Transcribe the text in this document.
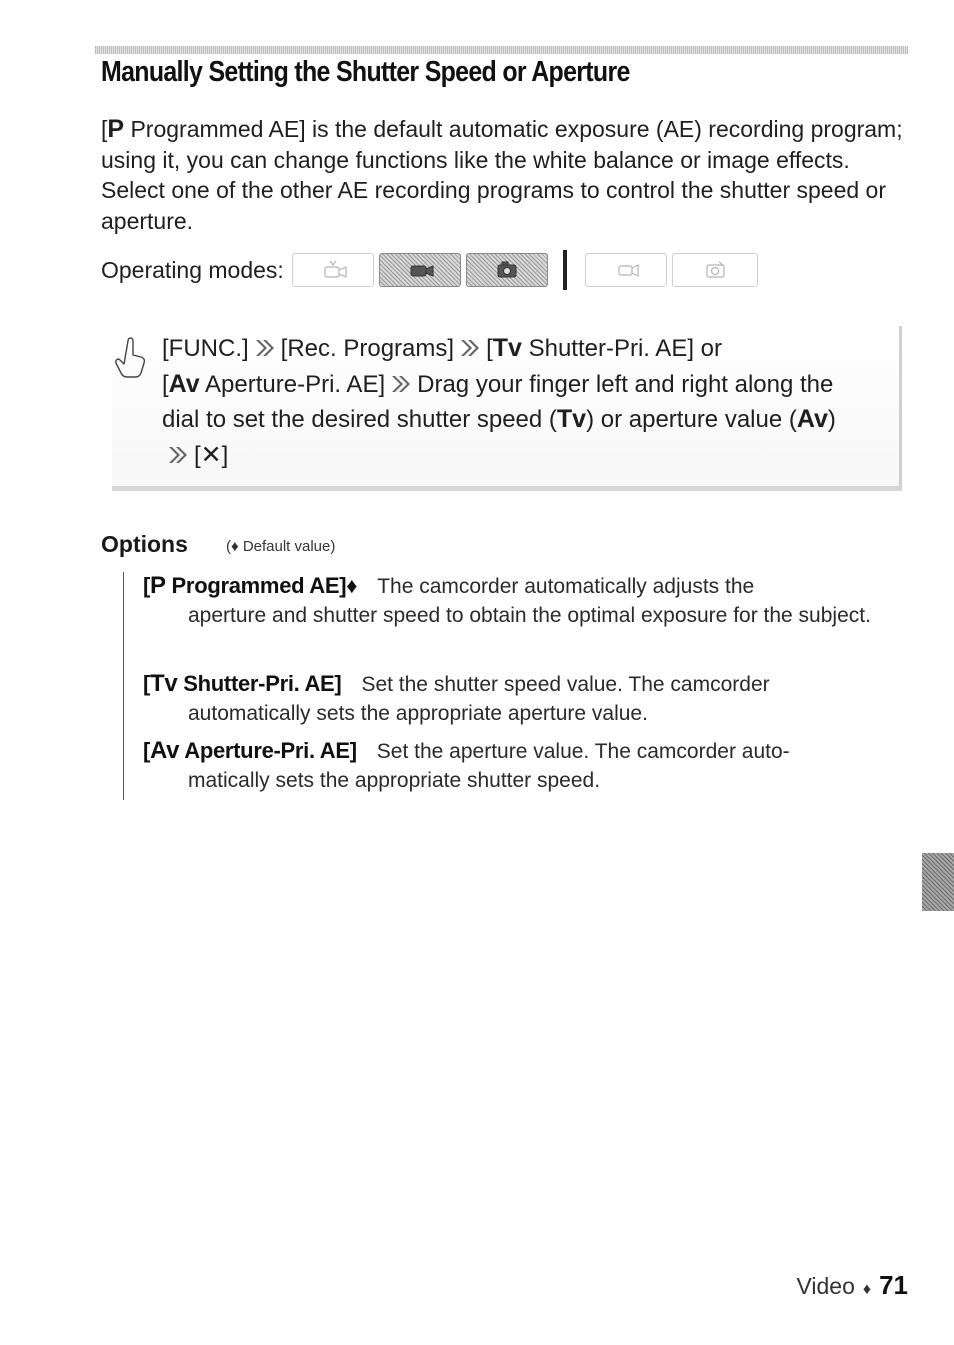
Manually Setting the Shutter Speed or Aperture

[P Programmed AE] is the default automatic exposure (AE) recording program; using it, you can change functions like the white balance or image effects. Select one of the other AE recording programs to control the shutter speed or aperture.

Operating modes:

[FUNC.] [Rec. Programs] [Tv Shutter-Pri. AE] or
[Av Aperture-Pri. AE] Drag your finger left and right along the dial to set the desired shutter speed (Tv) or aperture value (Av)[✕]

Options	(♦ Default value)

[P Programmed AE]♦ The camcorder automatically adjusts the
aperture and shutter speed to obtain the optimal exposure for the subject.

[Tv Shutter-Pri. AE] Set the shutter speed value. The camcorder
automatically sets the appropriate aperture value.

[Av Aperture-Pri. AE] Set the aperture value. The camcorder auto-
matically sets the appropriate shutter speed.

Video ♦ 71
